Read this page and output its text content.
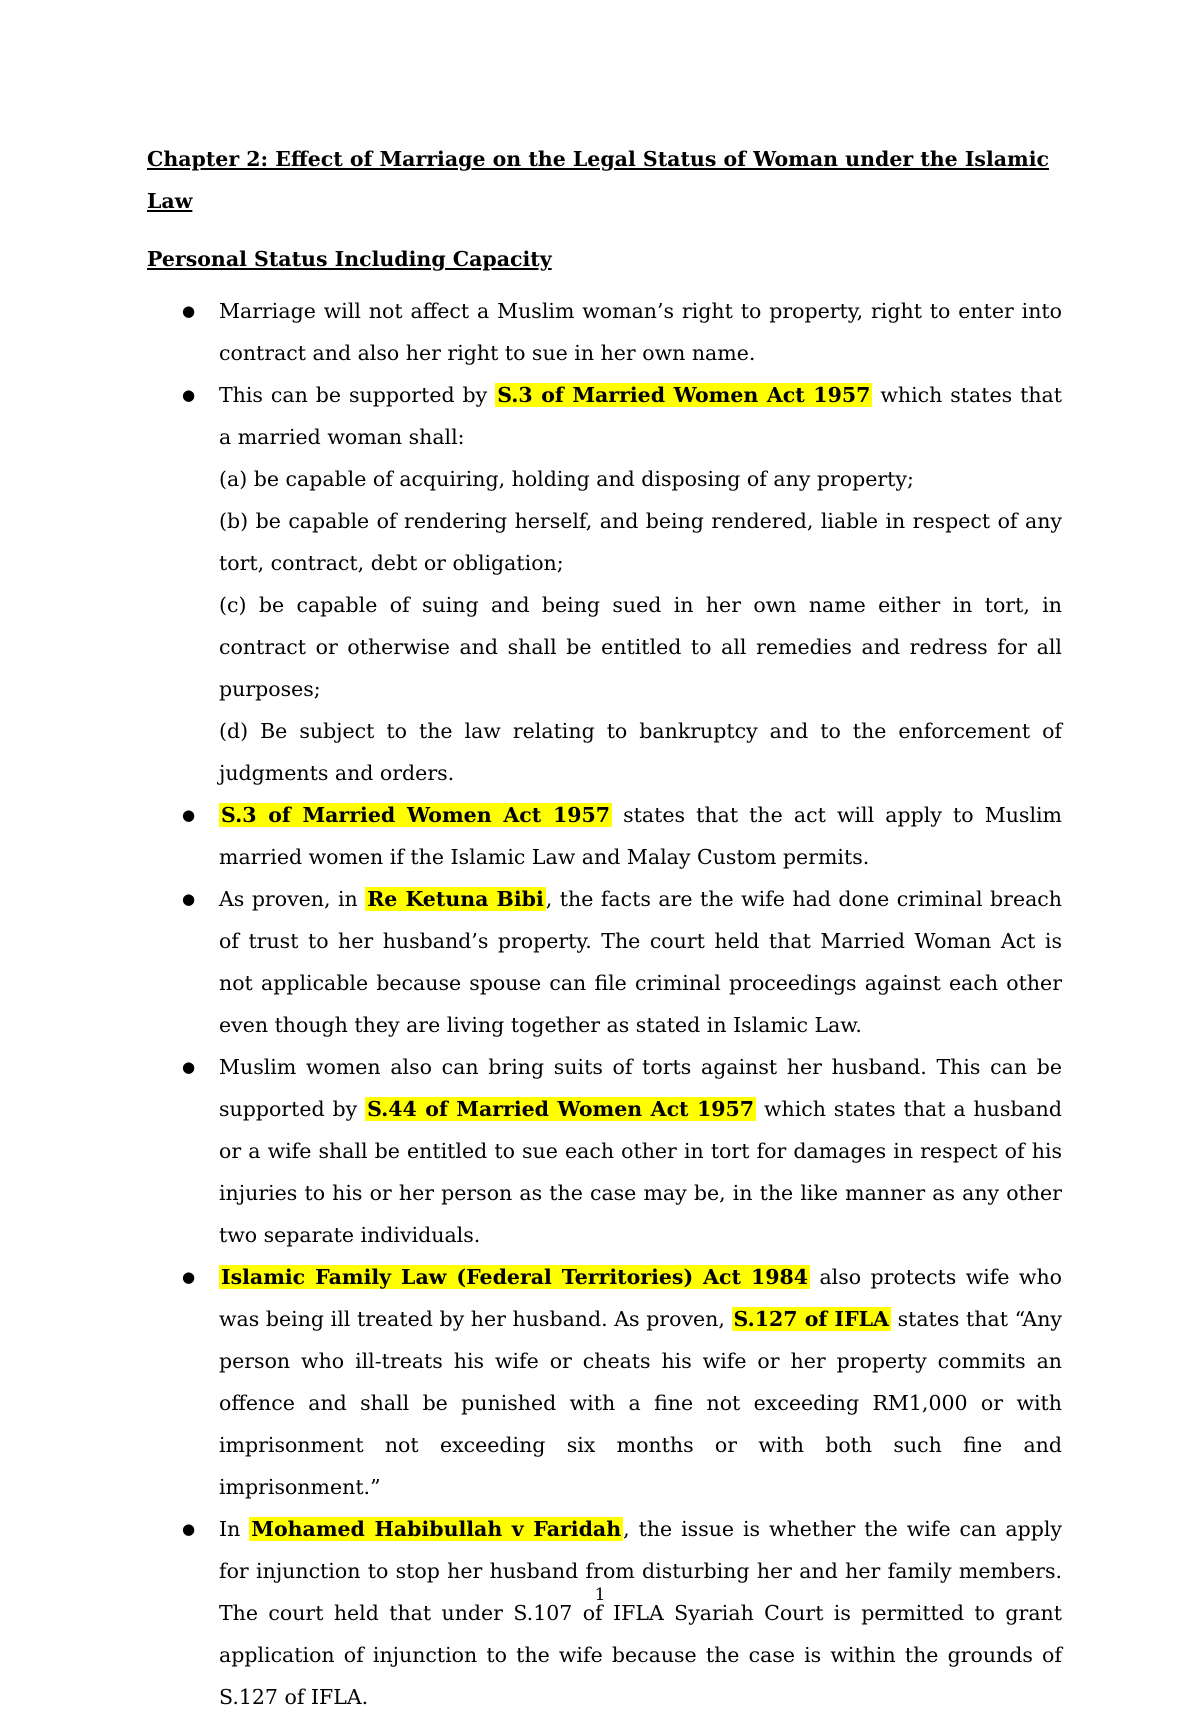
Chapter 2: Effect of Marriage on the Legal Status of Woman under the Islamic Law

Personal Status Including Capacity

● Marriage will not affect a Muslim woman’s right to property, right to enter into contract and also her right to sue in her own name.
● This can be supported by S.3 of Married Women Act 1957 which states that a married woman shall:
(a) be capable of acquiring, holding and disposing of any property;
(b) be capable of rendering herself, and being rendered, liable in respect of any tort, contract, debt or obligation;
(c) be capable of suing and being sued in her own name either in tort, in contract or otherwise and shall be entitled to all remedies and redress for all purposes;
(d) Be subject to the law relating to bankruptcy and to the enforcement of judgments and orders.
● S.3 of Married Women Act 1957 states that the act will apply to Muslim married women if the Islamic Law and Malay Custom permits.
● As proven, in Re Ketuna Bibi, the facts are the wife had done criminal breach of trust to her husband’s property. The court held that Married Woman Act is not applicable because spouse can file criminal proceedings against each other even though they are living together as stated in Islamic Law.
● Muslim women also can bring suits of torts against her husband. This can be supported by S.44 of Married Women Act 1957 which states that a husband or a wife shall be entitled to sue each other in tort for damages in respect of his injuries to his or her person as the case may be, in the like manner as any other two separate individuals.
● Islamic Family Law (Federal Territories) Act 1984 also protects wife who was being ill treated by her husband. As proven, S.127 of IFLA states that “Any person who ill-treats his wife or cheats his wife or her property commits an offence and shall be punished with a fine not exceeding RM1,000 or with imprisonment not exceeding six months or with both such fine and imprisonment.”
● In Mohamed Habibullah v Faridah, the issue is whether the wife can apply for injunction to stop her husband from disturbing her and her family members. The court held that under S.107 of IFLA Syariah Court is permitted to grant application of injunction to the wife because the case is within the grounds of S.127 of IFLA.
1
